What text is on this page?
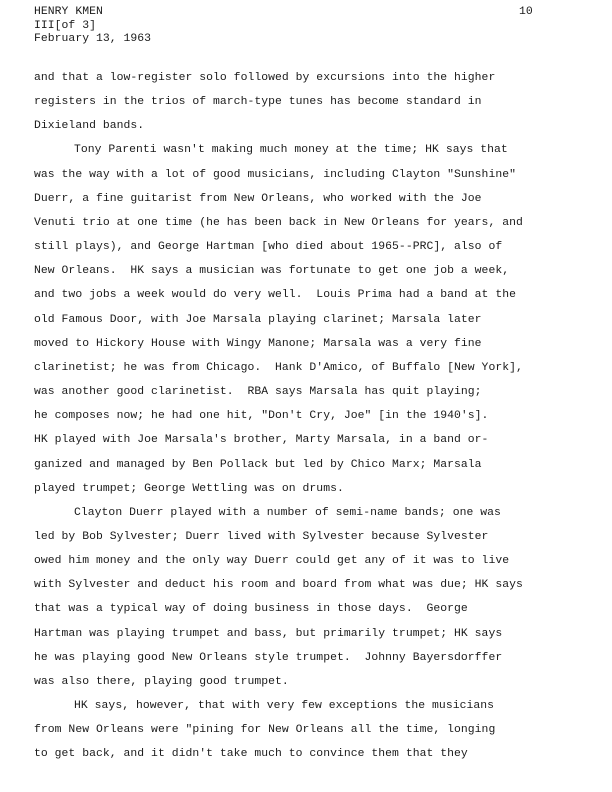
HENRY KMEN
III[of 3]
February 13, 1963
10
and that a low-register solo followed by excursions into the higher
registers in the trios of march-type tunes has become standard in
Dixieland bands.
Tony Parenti wasn't making much money at the time; HK says that
was the way with a lot of good musicians, including Clayton "Sunshine"
Duerr, a fine guitarist from New Orleans, who worked with the Joe
Venuti trio at one time (he has been back in New Orleans for years, and
still plays), and George Hartman [who died about 1965--PRC], also of
New Orleans.  HK says a musician was fortunate to get one job a week,
and two jobs a week would do very well.  Louis Prima had a band at the
old Famous Door, with Joe Marsala playing clarinet; Marsala later
moved to Hickory House with Wingy Manone; Marsala was a very fine
clarinetist; he was from Chicago.  Hank D'Amico, of Buffalo [New York],
was another good clarinetist.  RBA says Marsala has quit playing;
he composes now; he had one hit, "Don't Cry, Joe" [in the 1940's].
HK played with Joe Marsala's brother, Marty Marsala, in a band or-
ganized and managed by Ben Pollack but led by Chico Marx; Marsala
played trumpet; George Wettling was on drums.
Clayton Duerr played with a number of semi-name bands; one was
led by Bob Sylvester; Duerr lived with Sylvester because Sylvester
owed him money and the only way Duerr could get any of it was to live
with Sylvester and deduct his room and board from what was due; HK says
that was a typical way of doing business in those days.  George
Hartman was playing trumpet and bass, but primarily trumpet; HK says
he was playing good New Orleans style trumpet.  Johnny Bayersdorffer
was also there, playing good trumpet.
HK says, however, that with very few exceptions the musicians
from New Orleans were "pining for New Orleans all the time, longing
to get back, and it didn't take much to convince them that they
